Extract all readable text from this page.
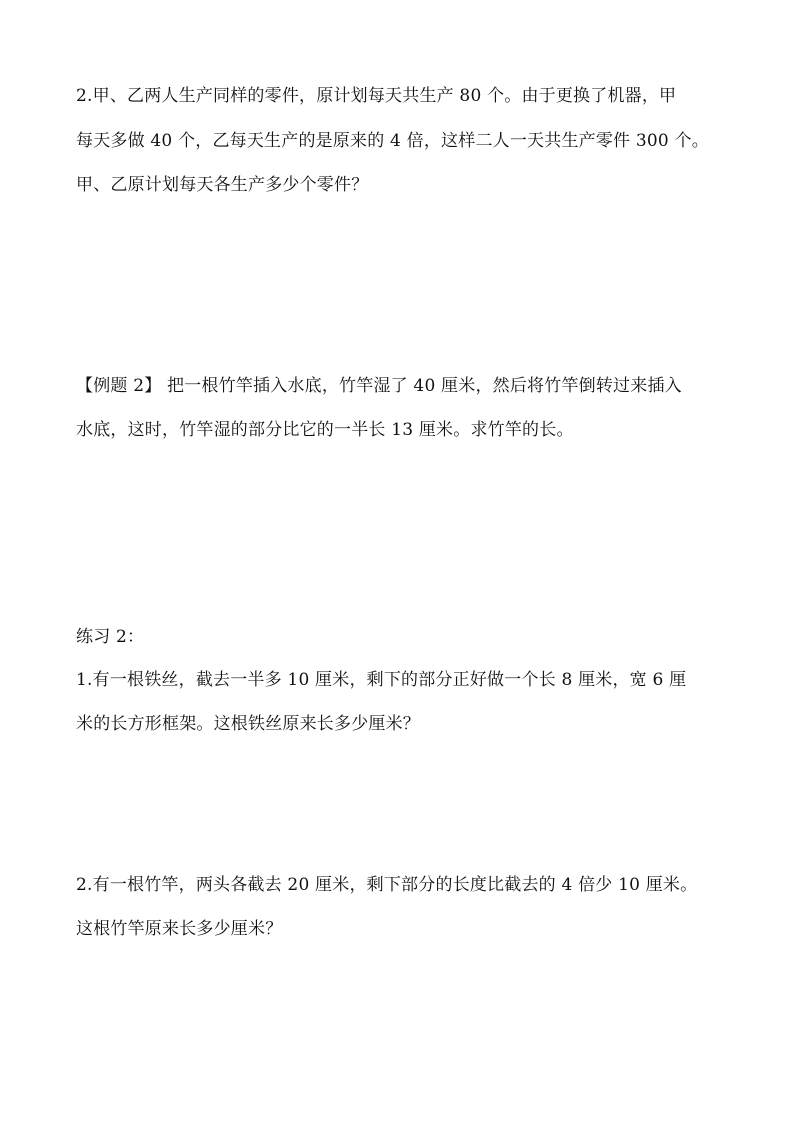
2.甲、乙两人生产同样的零件，原计划每天共生产 80 个。由于更换了机器，甲
每天多做 40 个，乙每天生产的是原来的 4 倍，这样二人一天共生产零件 300 个。
甲、乙原计划每天各生产多少个零件？
【例题 2】 把一根竹竿插入水底，竹竿湿了 40 厘米，然后将竹竿倒转过来插入
水底，这时，竹竿湿的部分比它的一半长 13 厘米。求竹竿的长。
练习 2：
1.有一根铁丝，截去一半多 10 厘米，剩下的部分正好做一个长 8 厘米，宽 6 厘
米的长方形框架。这根铁丝原来长多少厘米？
2.有一根竹竿，两头各截去 20 厘米，剩下部分的长度比截去的 4 倍少 10 厘米。
这根竹竿原来长多少厘米？
